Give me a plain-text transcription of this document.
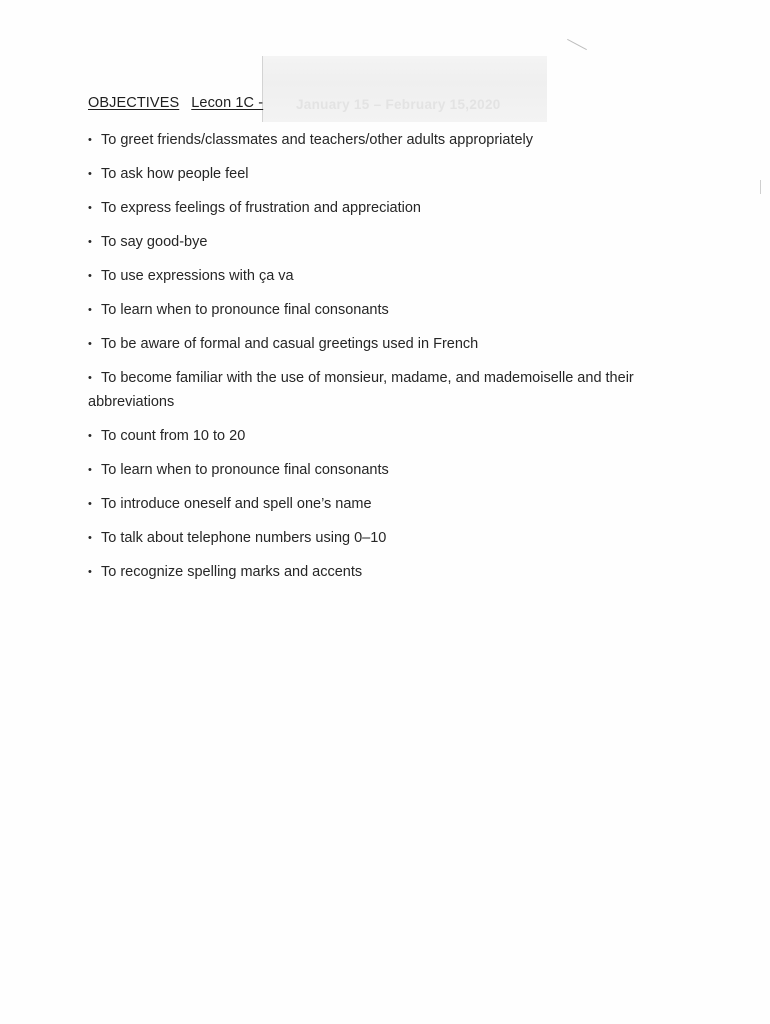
January 15 – February 15,2020
OBJECTIVES Lecon 1C -
• To greet friends/classmates and teachers/other adults appropriately
• To ask how people feel
• To express feelings of frustration and appreciation
• To say good-bye
• To use expressions with ça va
• To learn when to pronounce final consonants
• To be aware of formal and casual greetings used in French
• To become familiar with the use of monsieur, madame, and mademoiselle and their abbreviations
• To count from 10 to 20
• To learn when to pronounce final consonants
• To introduce oneself and spell one’s name
• To talk about telephone numbers using 0–10
• To recognize spelling marks and accents
